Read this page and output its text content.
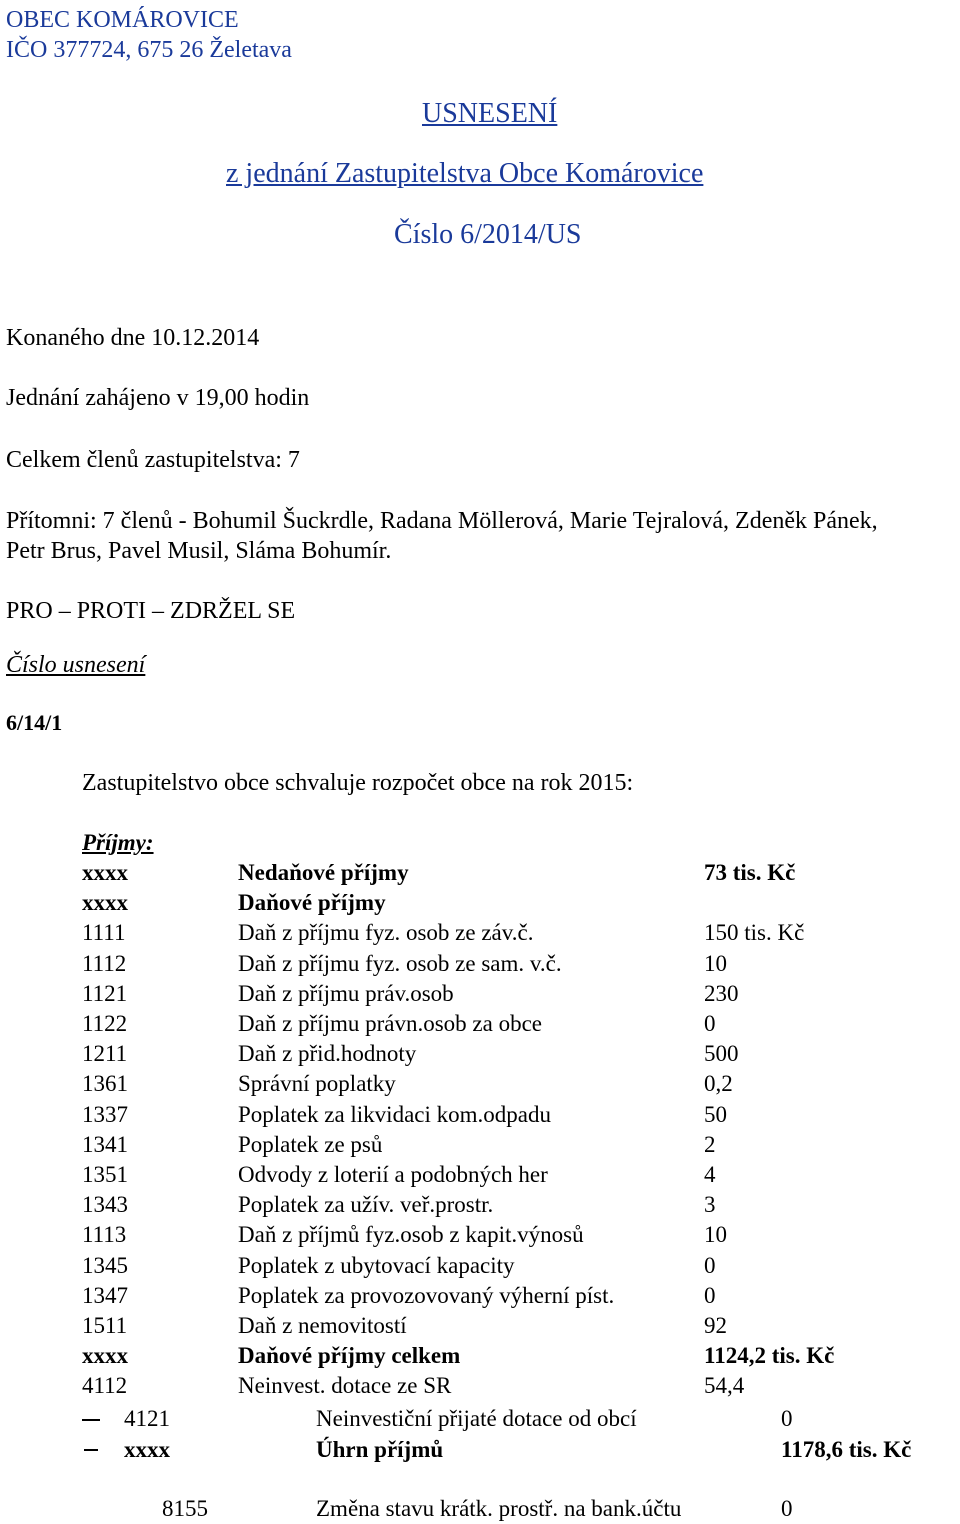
OBEC KOMÁROVICE
IČO 377724, 675 26 Želetava
USNESENÍ
z jednání Zastupitelstva Obce Komárovice
Číslo 6/2014/US
Konaného dne 10.12.2014
Jednání zahájeno v 19,00 hodin
Celkem členů zastupitelstva: 7
Přítomni: 7 členů - Bohumil Šuckrdle, Radana Möllerová, Marie Tejralová, Zdeněk Pánek,
Petr Brus, Pavel Musil, Sláma Bohumír.
PRO – PROTI – ZDRŽEL SE
Číslo usnesení
6/14/1
Zastupitelstvo obce schvaluje rozpočet obce na rok 2015:
Příjmy:
xxxx	Nedaňové příjmy	73 tis. Kč
xxxx	Daňové příjmy
1111	Daň z příjmu fyz. osob ze záv.č.	150 tis. Kč
1112	Daň z příjmu fyz. osob ze sam. v.č.	10
1121	Daň z příjmu práv.osob	230
1122	Daň z příjmu právn.osob za obce	0
1211	Daň z přid.hodnoty	500
1361	Správní poplatky	0,2
1337	Poplatek za likvidaci kom.odpadu	50
1341	Poplatek ze psů	2
1351	Odvody z loterií a podobných her	4
1343	Poplatek za užív. veř.prostr.	3
1113	Daň z příjmů fyz.osob z kapit.výnosů	10
1345	Poplatek z ubytovací kapacity	0
1347	Poplatek za provozovovaný výherní píst.	0
1511	Daň z nemovitostí	92
xxxx	Daňové příjmy celkem	1124,2 tis. Kč
4112	Neinvest. dotace ze SR	54,4
4121	Neinvestiční přijaté dotace od obcí	0
xxxx	Úhrn příjmů	1178,6 tis. Kč
8155	Změna stavu krátk. prostř. na bank.účtu	0
